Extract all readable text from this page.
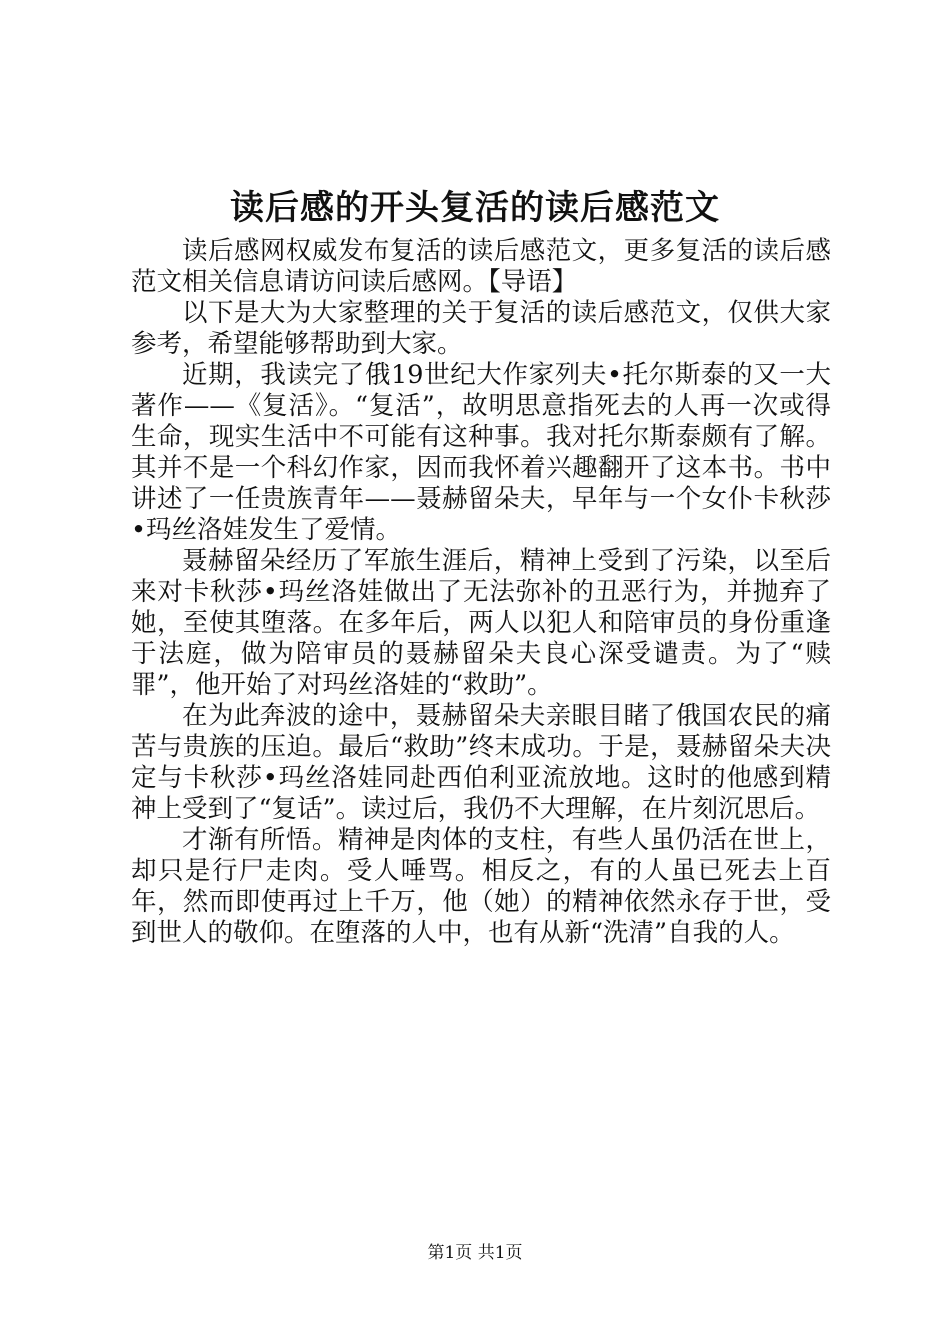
读后感的开头复活的读后感范文

读后感网权威发布复活的读后感范文，更多复活的读后感范文相关信息请访问读后感网。【导语】

以下是大为大家整理的关于复活的读后感范文，仅供大家参考，希望能够帮助到大家。

近期，我读完了俄19世纪大作家列夫•托尔斯泰的又一大著作——《复活》。“复活”，故明思意指死去的人再一次或得生命，现实生活中不可能有这种事。我对托尔斯泰颇有了解。其并不是一个科幻作家，因而我怀着兴趣翻开了这本书。书中讲述了一任贵族青年——聂赫留朵夫，早年与一个女仆卡秋莎•玛丝洛娃发生了爱情。

聂赫留朵经历了军旅生涯后，精神上受到了污染，以至后来对卡秋莎•玛丝洛娃做出了无法弥补的丑恶行为，并抛弃了她，至使其堕落。在多年后，两人以犯人和陪审员的身份重逢于法庭，做为陪审员的聂赫留朵夫良心深受谴责。为了“赎罪”，他开始了对玛丝洛娃的“救助”。

在为此奔波的途中，聂赫留朵夫亲眼目睹了俄国农民的痛苦与贵族的压迫。最后“救助”终末成功。于是，聂赫留朵夫决定与卡秋莎•玛丝洛娃同赴西伯利亚流放地。这时的他感到精神上受到了“复话”。读过后，我仍不大理解，在片刻沉思后。

才渐有所悟。精神是肉体的支柱，有些人虽仍活在世上，却只是行尸走肉。受人唾骂。相反之，有的人虽已死去上百年，然而即使再过上千万，他（她）的精神依然永存于世，受到世人的敬仰。在堕落的人中，也有从新“洗清”自我的人。

第1页 共1页
